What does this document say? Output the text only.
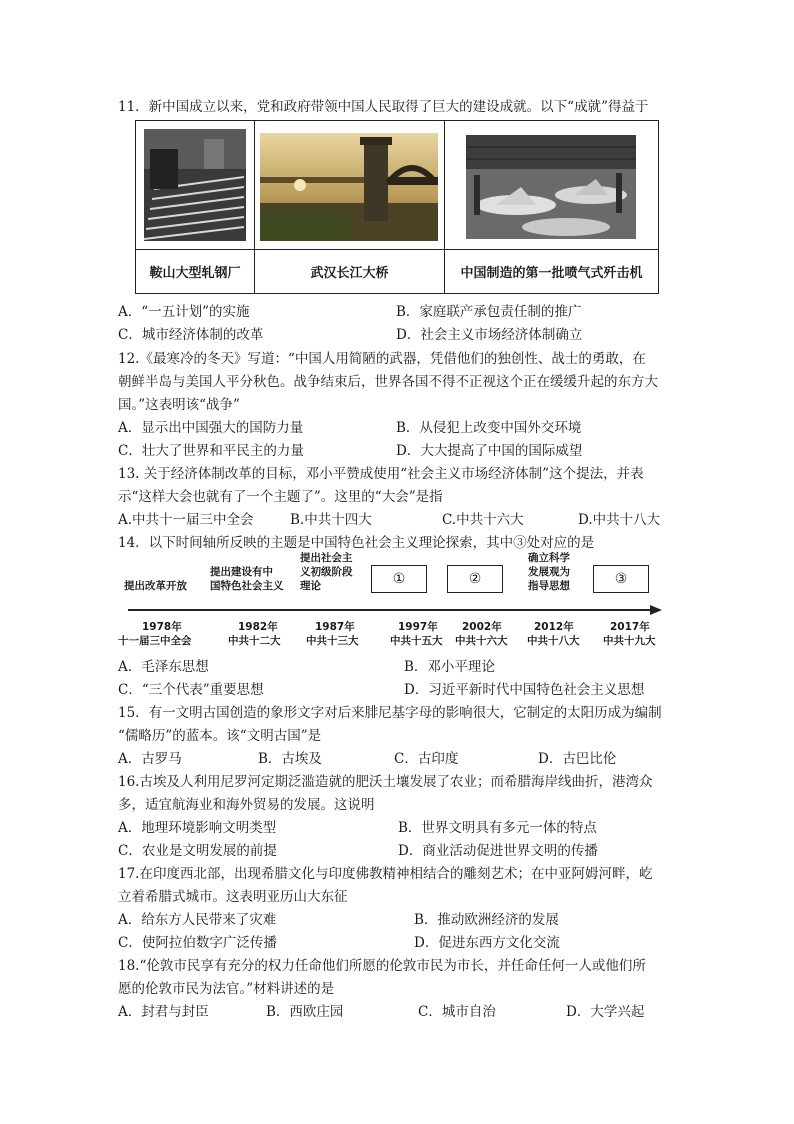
11．新中国成立以来，党和政府带领中国人民取得了巨大的建设成就。以下“成就”得益于
鞍山大型轧钢厂	武汉长江大桥	中国制造的第一批喷气式歼击机
A．“一五计划”的实施	B．家庭联产承包责任制的推广
C．城市经济体制的改革	D．社会主义市场经济体制确立
12.《最寒冷的冬天》写道：“中国人用简陋的武器，凭借他们的独创性、战士的勇敢，在
朝鲜半岛与美国人平分秋色。战争结束后，世界各国不得不正视这个正在缓缓升起的东方大
国。”这表明该“战争”
A．显示出中国强大的国防力量	B．从侵犯上改变中国外交环境
C．壮大了世界和平民主的力量	D．大大提高了中国的国际威望
13. 关于经济体制改革的目标，邓小平赞成使用“社会主义市场经济体制”这个提法，并表
示“这样大会也就有了一个主题了”。这里的“大会”是指
A.中共十一届三中全会	B.中共十四大	C.中共十六大	D.中共十八大
14．以下时间轴所反映的主题是中国特色社会主义理论探索，其中③处对应的是
提出改革开放
提出建设有中
国特色社会主义
提出社会主
义初级阶段
理论	①	②
确立科学
发展观为
指导思想	③
1978年
十一届三中全会
1982年
中共十二大
1987年
中共十三大
1997年
中共十五大
2002年
中共十六大
2012年
中共十八大
2017年
中共十九大
A．毛泽东思想	B．邓小平理论
C．“三个代表”重要思想	D．习近平新时代中国特色社会主义思想
15．有一文明古国创造的象形文字对后来腓尼基字母的影响很大，它制定的太阳历成为编制
“儒略历”的蓝本。该“文明古国”是
A．古罗马	B．古埃及	C．古印度	D．古巴比伦
16.古埃及人利用尼罗河定期泛滥造就的肥沃土壤发展了农业；而希腊海岸线曲折，港湾众
多，适宜航海业和海外贸易的发展。这说明
A．地理环境影响文明类型	B．世界文明具有多元一体的特点
C．农业是文明发展的前提	D．商业活动促进世界文明的传播
17.在印度西北部，出现希腊文化与印度佛教精神相结合的雕刻艺术；在中亚阿姆河畔，屹
立着希腊式城市。这表明亚历山大东征
A．给东方人民带来了灾难	B．推动欧洲经济的发展
C．使阿拉伯数字广泛传播	D．促进东西方文化交流
18.“伦敦市民享有充分的权力任命他们所愿的伦敦市民为市长，并任命任何一人或他们所
愿的伦敦市民为法官。”材料讲述的是
A．封君与封臣	B．西欧庄园	C．城市自治	D．大学兴起
